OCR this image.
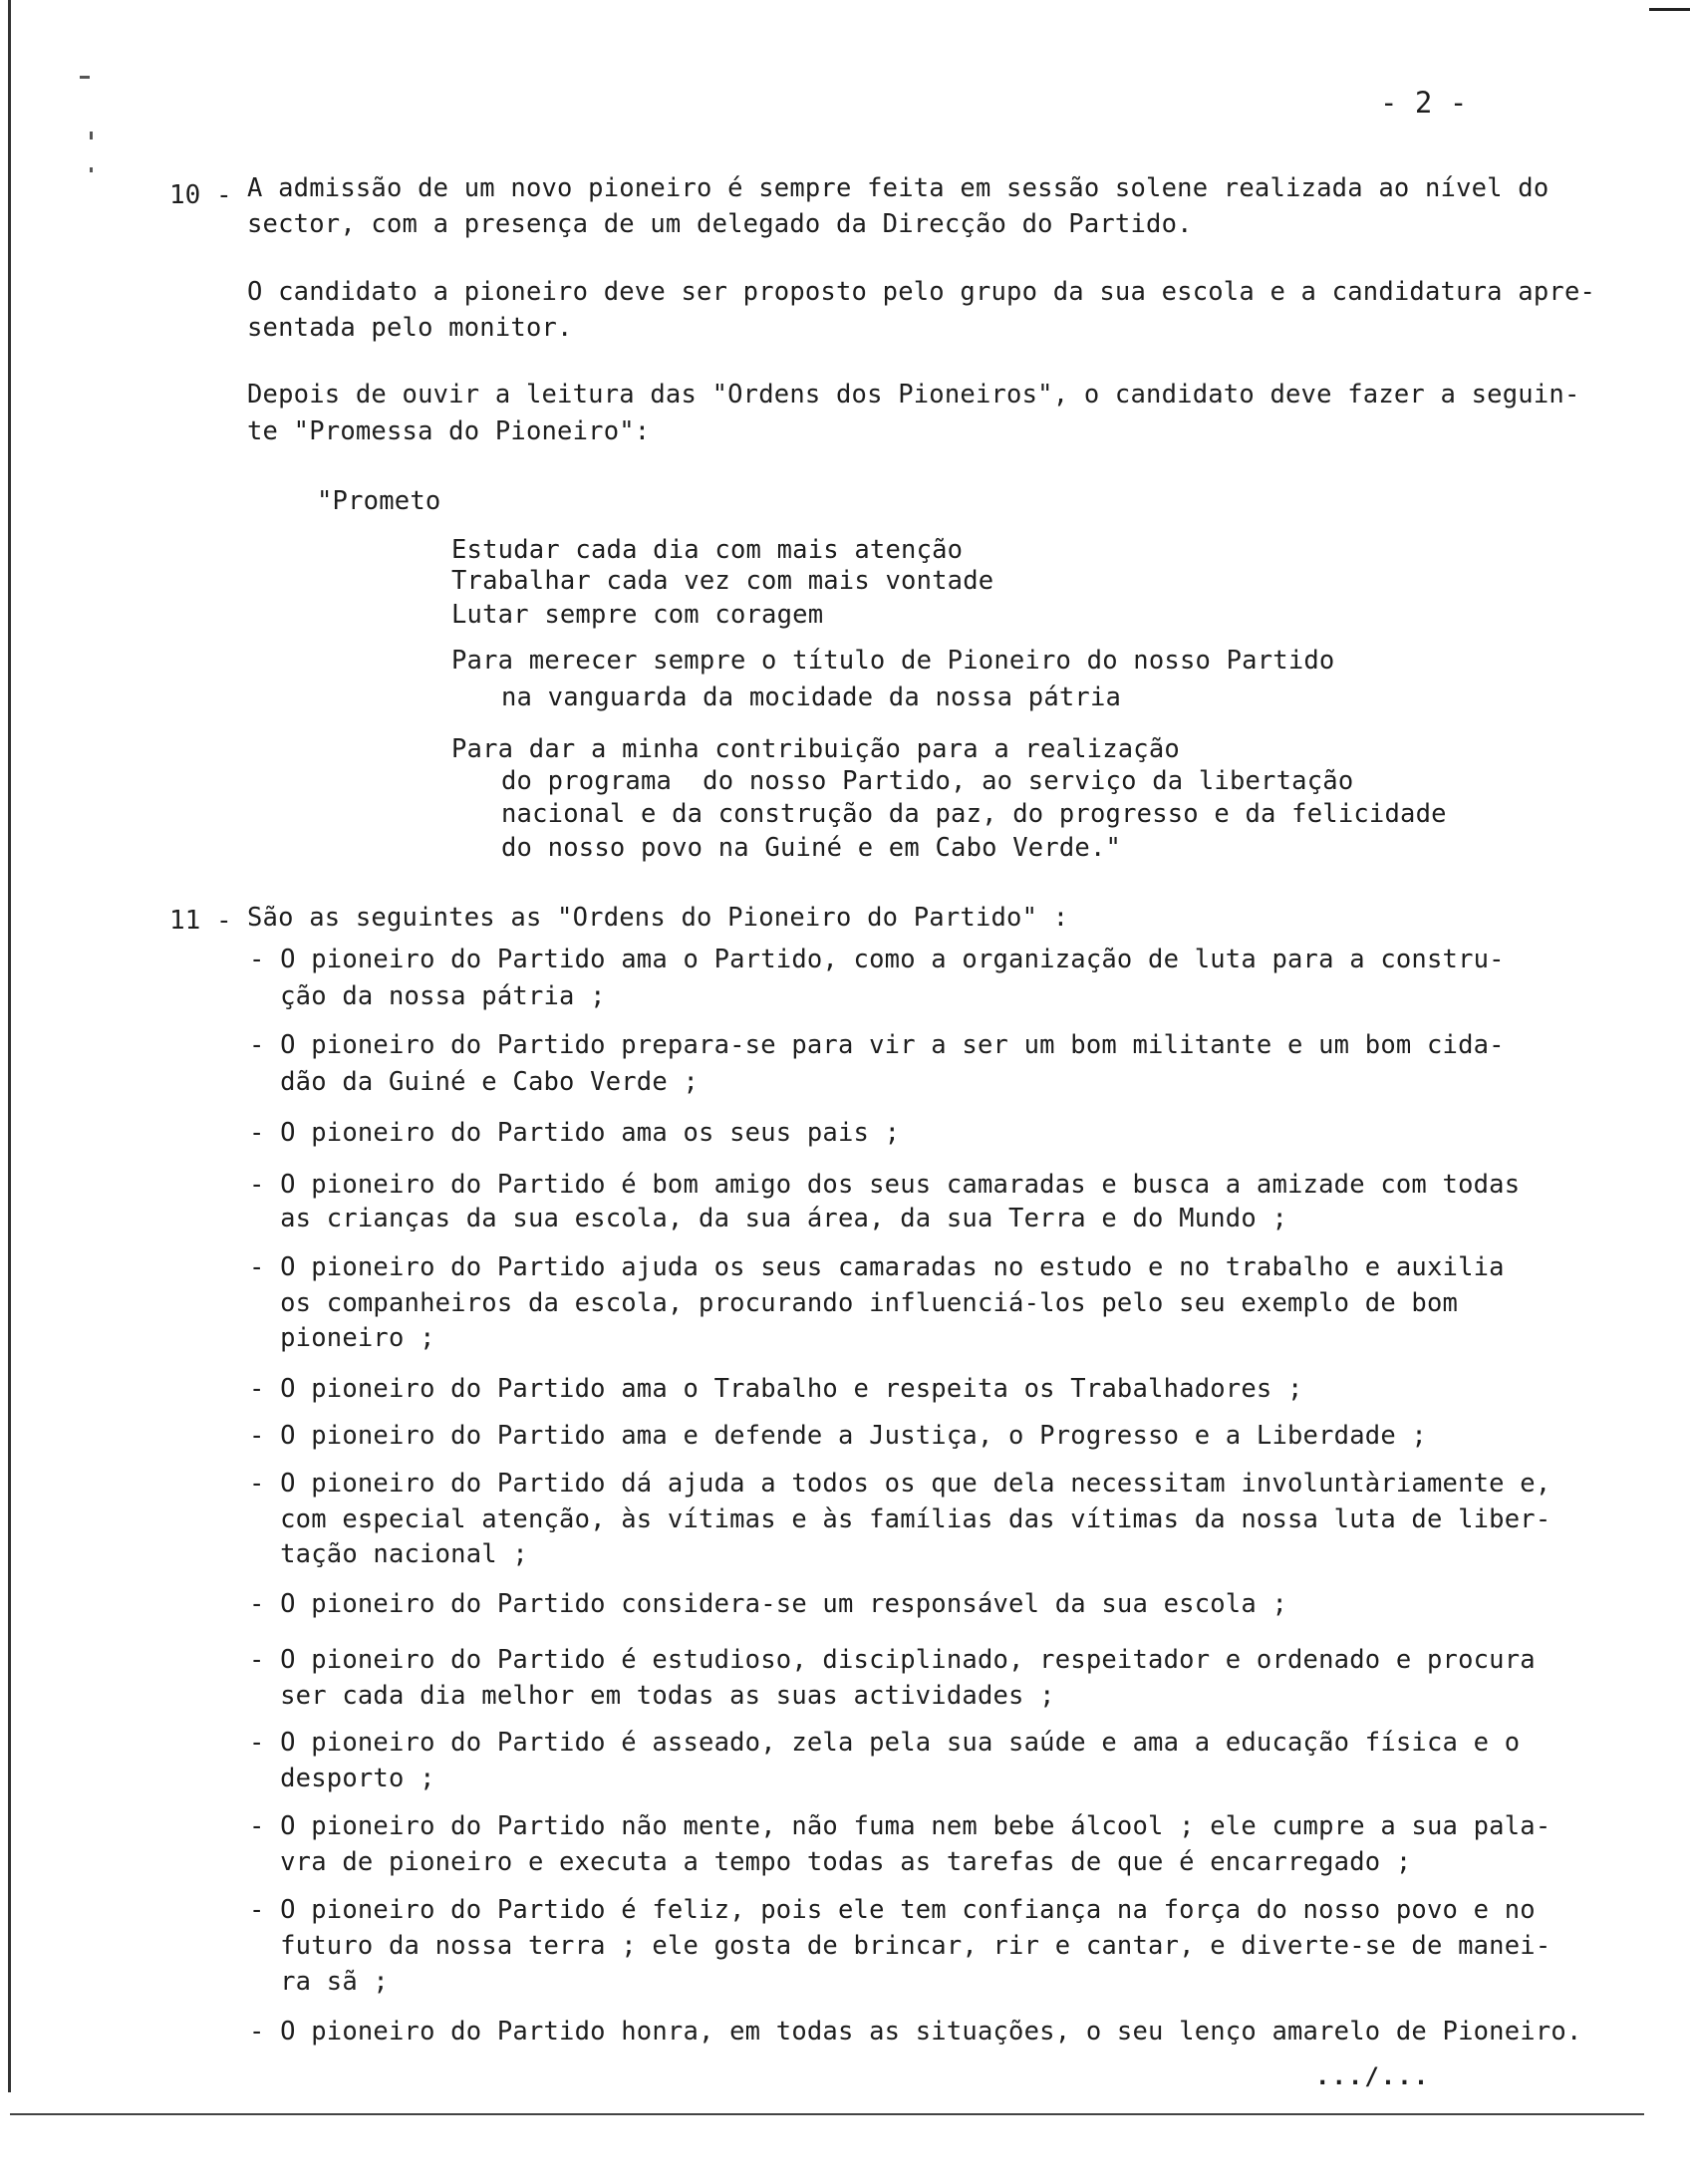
- 2 -
10 - A admissão de um novo pioneiro é sempre feita em sessão solene realizada ao nível do
sector, com a presença de um delegado da Direcção do Partido.
O candidato a pioneiro deve ser proposto pelo grupo da sua escola e a candidatura apre-
sentada pelo monitor.
Depois de ouvir a leitura das "Ordens dos Pioneiros", o candidato deve fazer a seguin-
te "Promessa do Pioneiro":
"Prometo
Estudar cada dia com mais atenção
Trabalhar cada vez com mais vontade
Lutar sempre com coragem
Para merecer sempre o título de Pioneiro do nosso Partido
na vanguarda da mocidade da nossa pátria
Para dar a minha contribuição para a realização
do programa  do nosso Partido, ao serviço da libertação
nacional e da construção da paz, do progresso e da felicidade
do nosso povo na Guiné e em Cabo Verde."
11 - São as seguintes as "Ordens do Pioneiro do Partido" :
- O pioneiro do Partido ama o Partido, como a organização de luta para a constru-
ção da nossa pátria ;
- O pioneiro do Partido prepara-se para vir a ser um bom militante e um bom cida-
dão da Guiné e Cabo Verde ;
- O pioneiro do Partido ama os seus pais ;
- O pioneiro do Partido é bom amigo dos seus camaradas e busca a amizade com todas
as crianças da sua escola, da sua área, da sua Terra e do Mundo ;
- O pioneiro do Partido ajuda os seus camaradas no estudo e no trabalho e auxilia
os companheiros da escola, procurando influenciá-los pelo seu exemplo de bom
pioneiro ;
- O pioneiro do Partido ama o Trabalho e respeita os Trabalhadores ;
- O pioneiro do Partido ama e defende a Justiça, o Progresso e a Liberdade ;
- O pioneiro do Partido dá ajuda a todos os que dela necessitam involuntàriamente e,
com especial atenção, às vítimas e às famílias das vítimas da nossa luta de liber-
tação nacional ;
- O pioneiro do Partido considera-se um responsável da sua escola ;
- O pioneiro do Partido é estudioso, disciplinado, respeitador e ordenado e procura
ser cada dia melhor em todas as suas actividades ;
- O pioneiro do Partido é asseado, zela pela sua saúde e ama a educação física e o
desporto ;
- O pioneiro do Partido não mente, não fuma nem bebe álcool ; ele cumpre a sua pala-
vra de pioneiro e executa a tempo todas as tarefas de que é encarregado ;
- O pioneiro do Partido é feliz, pois ele tem confiança na força do nosso povo e no
futuro da nossa terra ; ele gosta de brincar, rir e cantar, e diverte-se de manei-
ra sã ;
- O pioneiro do Partido honra, em todas as situações, o seu lenço amarelo de Pioneiro.
.../...
